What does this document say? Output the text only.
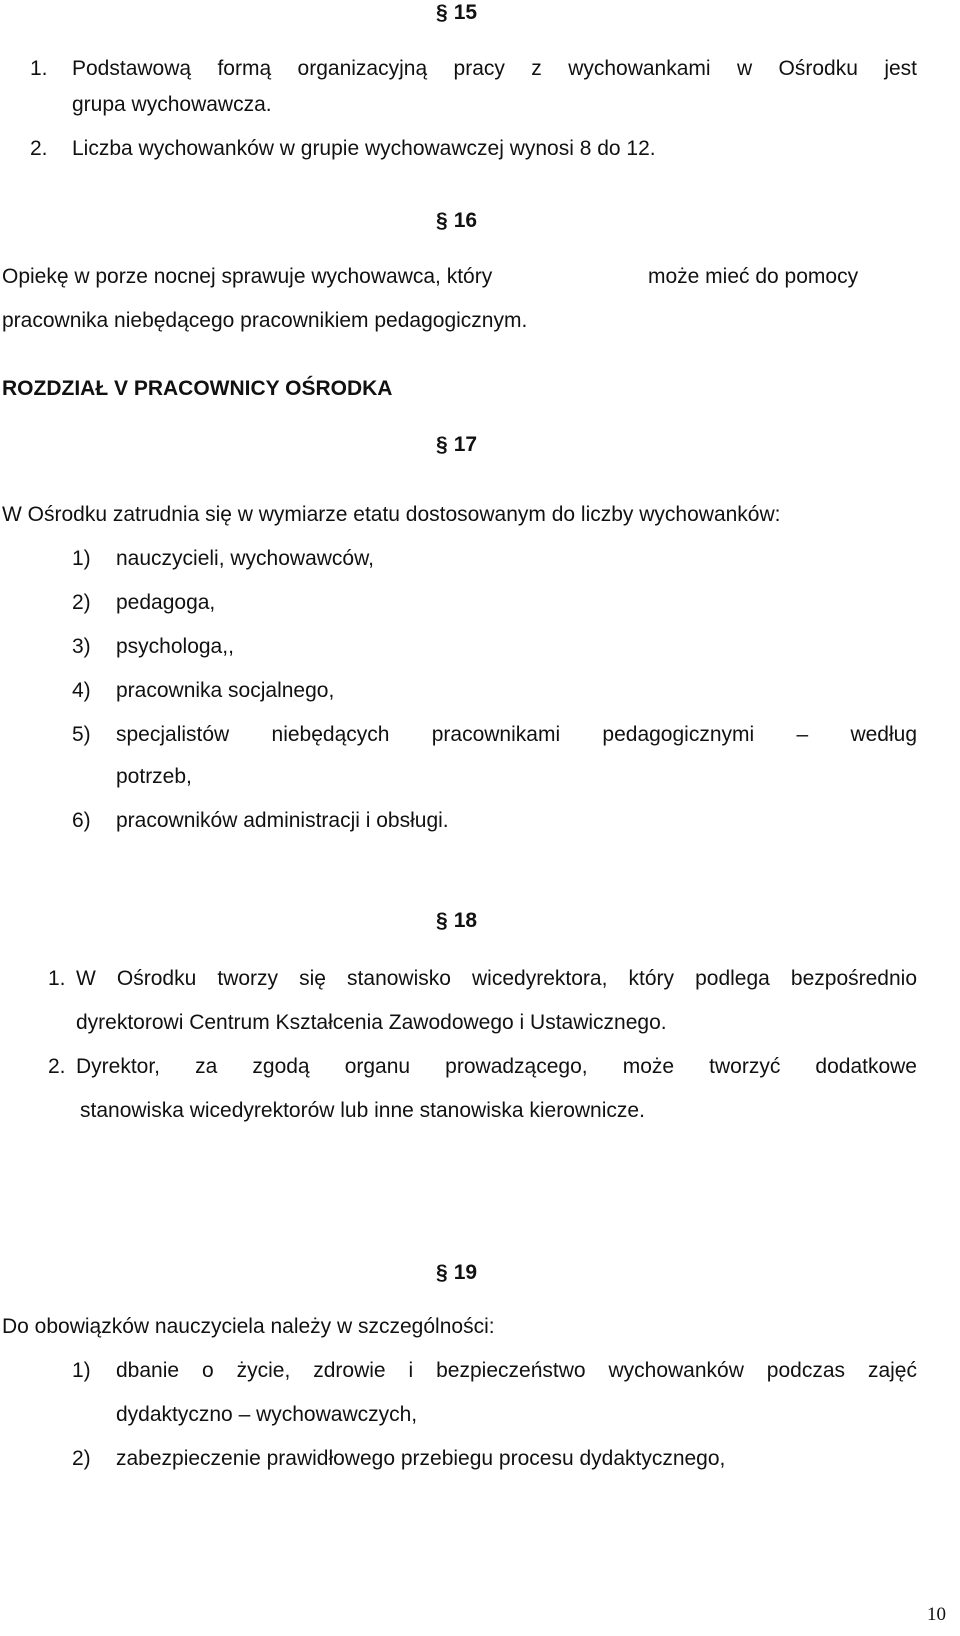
§ 15
1. Podstawową formą organizacyjną pracy z wychowankami w Ośrodku jest
grupa wychowawcza.
2. Liczba wychowanków w grupie wychowawczej wynosi 8 do 12.
§ 16
Opiekę w porze nocnej sprawuje wychowawca, który	może mieć do pomocy
pracownika niebędącego pracownikiem pedagogicznym.
ROZDZIAŁ V PRACOWNICY OŚRODKA
§ 17
W Ośrodku zatrudnia się w wymiarze etatu dostosowanym do liczby wychowanków:
1) nauczycieli, wychowawców,
2) pedagoga,
3) psychologa,,
4) pracownika socjalnego,
5) specjalistów niebędących pracownikami pedagogicznymi – według
potrzeb,
6) pracowników administracji i obsługi.
§ 18
1. W Ośrodku tworzy się stanowisko wicedyrektora, który podlega bezpośrednio
dyrektorowi Centrum Kształcenia Zawodowego i Ustawicznego.
2. Dyrektor, za zgodą organu prowadzącego, może tworzyć dodatkowe
stanowiska wicedyrektorów lub inne stanowiska kierownicze.
§ 19
Do obowiązków nauczyciela należy w szczególności:
1) dbanie o życie, zdrowie i bezpieczeństwo wychowanków podczas zajęć
dydaktyczno – wychowawczych,
2) zabezpieczenie prawidłowego przebiegu procesu dydaktycznego,
10
